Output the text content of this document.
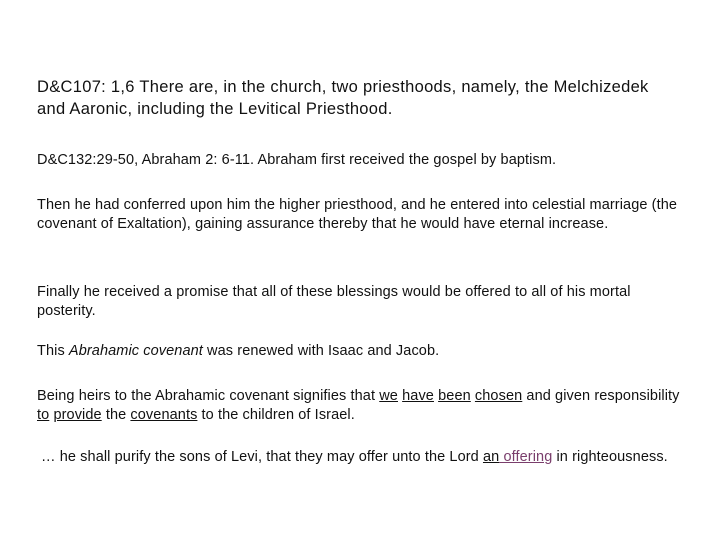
D&C107: 1,6 There are, in the church, two priesthoods, namely, the Melchizedek and Aaronic, including the Levitical Priesthood.

D&C132:29-50, Abraham 2: 6-11. Abraham first received the gospel by baptism.

Then he had conferred upon him the higher priesthood, and he entered into celestial marriage (the covenant of Exaltation), gaining assurance thereby that he would have eternal increase.

Finally he received a promise that all of these blessings would be offered to all of his mortal posterity.

This Abrahamic covenant was renewed with Isaac and Jacob.

Being heirs to the Abrahamic covenant signifies that we have been chosen and given responsibility to provide the covenants to the children of Israel.

… he shall purify the sons of Levi, that they may offer unto the Lord an offering in righteousness.
